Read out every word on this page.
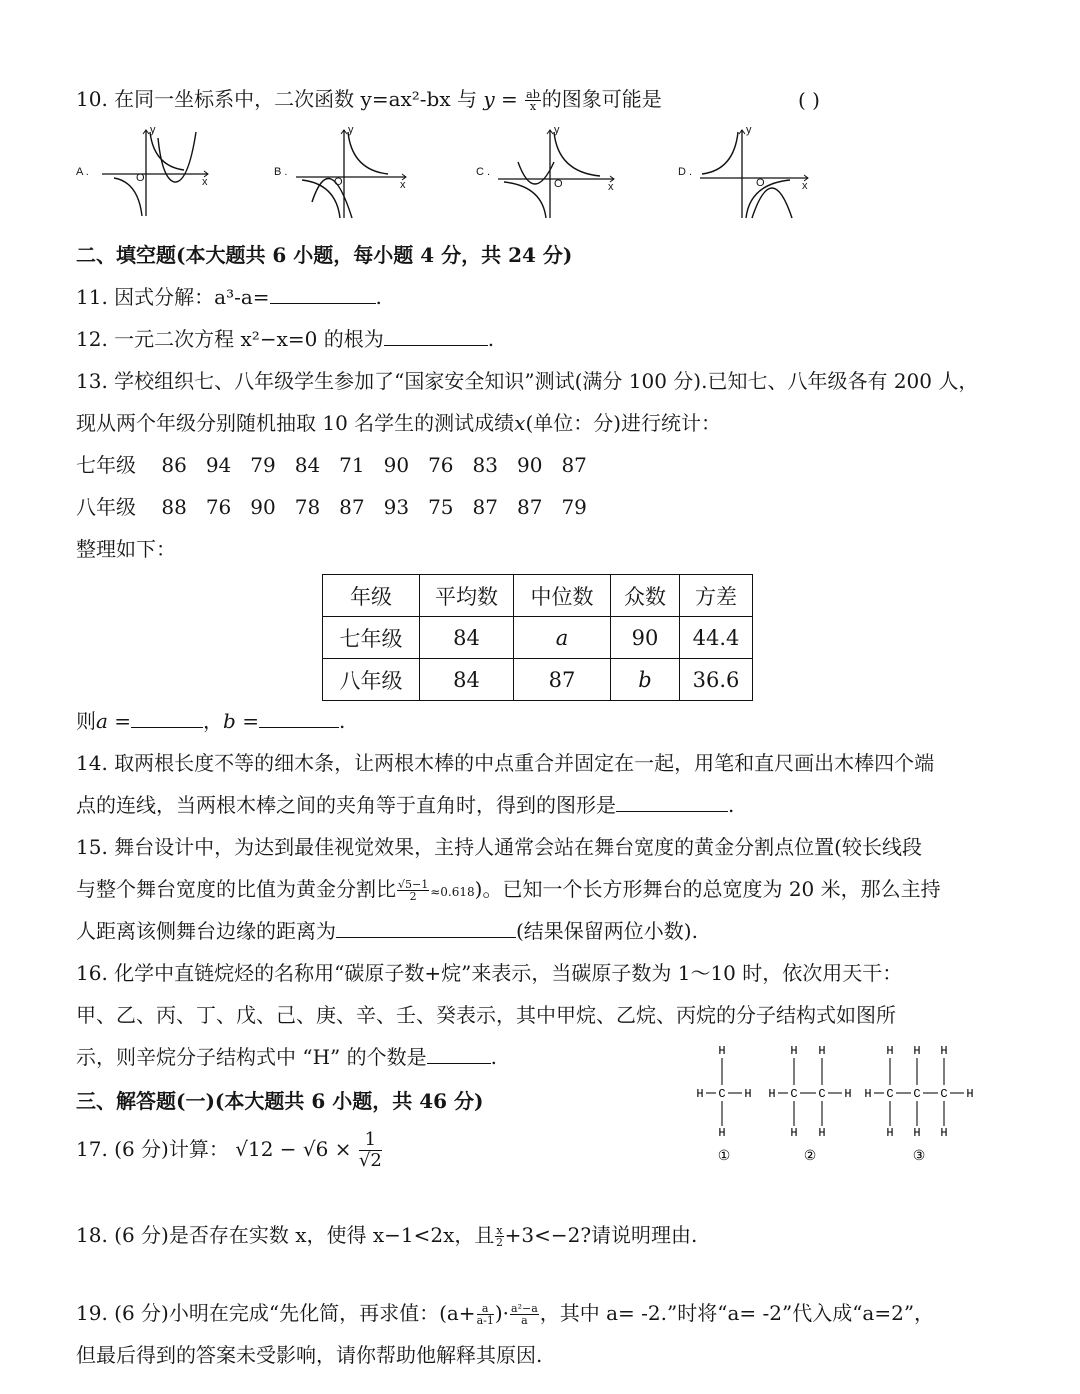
10. 在同一坐标系中，二次函数 y=ax²-bx 与 $y = \frac{ab}{x}$ 的图象可能是	( )
A .	O
y
x
B .
O
y
x
C .
O
y
x
D .
O
y
x
二、填空题(本大题共 6 小题，每小题 4 分，共 24 分)
11. 因式分解：a³-a=	.
12. 一元二次方程 x²−x=0 的根为	.
13. 学校组织七、八年级学生参加了“国家安全知识”测试(满分 100 分).已知七、八年级各有 200 人，
现从两个年级分别随机抽取 10 名学生的测试成绩x(单位：分)进行统计：
七年级 86 94 79 84 71 90 76 83 90 87
八年级 88 76 90 78 87 93 75 87 87 79
整理如下：
年级	平均数	中位数	众数	方差
七年级	84	a	90	44.4
八年级	84	87	b	36.6
则a =	，b =	.
14. 取两根长度不等的细木条，让两根木棒的中点重合并固定在一起，用笔和直尺画出木棒四个端
点的连线，当两根木棒之间的夹角等于直角时，得到的图形是	.
15. 舞台设计中，为达到最佳视觉效果，主持人通常会站在舞台宽度的黄金分割点位置(较长线段
与整个舞台宽度的比值为黄金分割比 $\frac{√5-1}{2} \approx 0.618$)。已知一个长方形舞台的总宽度为 20 米，那么主持
人距离该侧舞台边缘的距离为	(结果保留两位小数).
16. 化学中直链烷烃的名称用“碳原子数+烷”来表示，当碳原子数为 1～10 时，依次用天干：
甲、乙、丙、丁、戊、己、庚、辛、壬、癸表示，其中甲烷、乙烷、丙烷的分子结构式如图所
示，则辛烷分子结构式中 “H” 的个数是	.
H C
H
H
H
①
H C
H
H
C
H
H
H
②
H C
H
H
C
H
H
C
H
H
H
③
三、解答题(一)(本大题共 6 小题，共 46 分)
17. (6 分)计算： $√12 - √6 \times \frac{1}{√2}$
18. (6 分)是否存在实数 x，使得 x−1<2x，且 $\frac{x}{2} +3<-2$?请说明理由.
19. (6 分)小明在完成“先化简，再求值：($a+ \frac{a}{a-1}$ )· $\frac{\text{a²−a}}{a}$ ，其中 a= -2.”时将“a= -2”代入成“a=2”，
但最后得到的答案未受影响，请你帮助他解释其原因.
